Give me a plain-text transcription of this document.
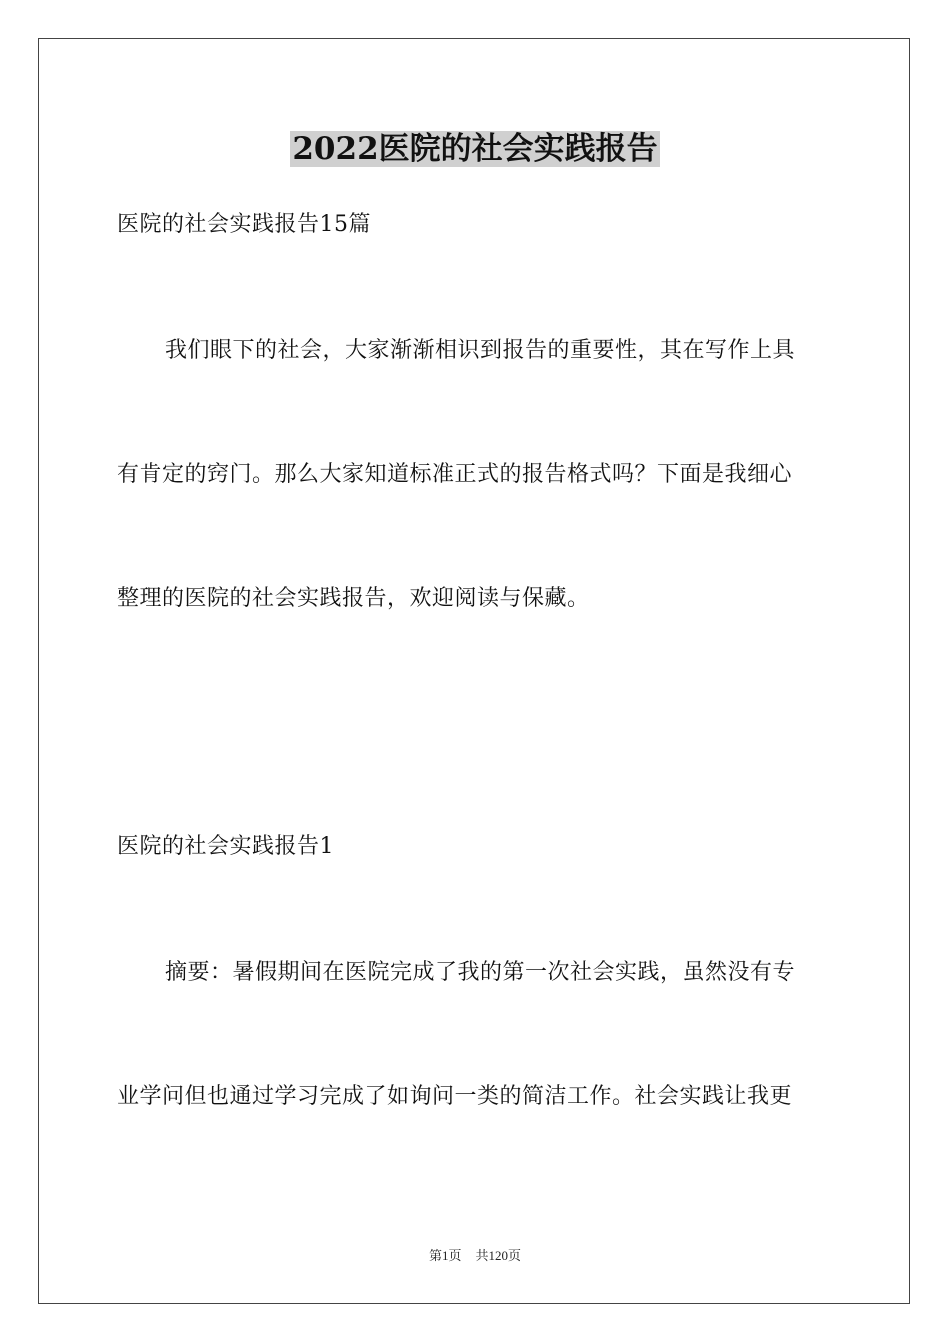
2022医院的社会实践报告
医院的社会实践报告15篇
我们眼下的社会，大家渐渐相识到报告的重要性，其在写作上具
有肯定的窍门。那么大家知道标准正式的报告格式吗？下面是我细心
整理的医院的社会实践报告，欢迎阅读与保藏。
医院的社会实践报告1
摘要：暑假期间在医院完成了我的第一次社会实践，虽然没有专
业学问但也通过学习完成了如询问一类的简洁工作。社会实践让我更
第1页 共120页
